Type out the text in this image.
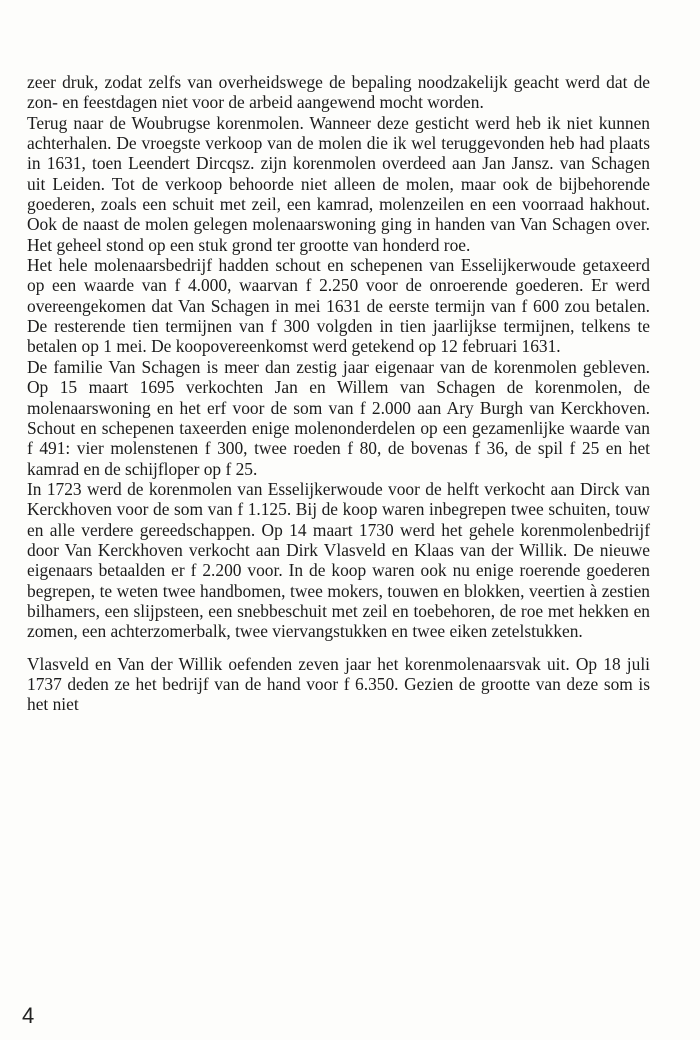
zeer druk, zodat zelfs van overheidswege de bepaling noodzakelijk geacht werd dat de zon- en feestdagen niet voor de arbeid aangewend mocht worden.

Terug naar de Woubrugse korenmolen. Wanneer deze gesticht werd heb ik niet kunnen achterhalen. De vroegste verkoop van de molen die ik wel teruggevonden heb had plaats in 1631, toen Leendert Dircqsz. zijn korenmolen overdeed aan Jan Jansz. van Schagen uit Leiden. Tot de verkoop behoorde niet alleen de molen, maar ook de bijbehorende goederen, zoals een schuit met zeil, een kamrad, molenzeilen en een voorraad hakhout. Ook de naast de molen gelegen molenaarswoning ging in handen van Van Schagen over. Het geheel stond op een stuk grond ter grootte van honderd roe.

Het hele molenaarsbedrijf hadden schout en schepenen van Esselijkerwoude getaxeerd op een waarde van f 4.000, waarvan f 2.250 voor de onroerende goederen. Er werd overeengekomen dat Van Schagen in mei 1631 de eerste termijn van f 600 zou betalen. De resterende tien termijnen van f 300 volgden in tien jaarlijkse termijnen, telkens te betalen op 1 mei. De koopovereenkomst werd getekend op 12 februari 1631.

De familie Van Schagen is meer dan zestig jaar eigenaar van de korenmolen gebleven. Op 15 maart 1695 verkochten Jan en Willem van Schagen de korenmolen, de molenaarswoning en het erf voor de som van f 2.000 aan Ary Burgh van Kerckhoven. Schout en schepenen taxeerden enige molenonderdelen op een gezamenlijke waarde van f 491: vier molenstenen f 300, twee roeden f 80, de bovenas f 36, de spil f 25 en het kamrad en de schijfloper op f 25.

In 1723 werd de korenmolen van Esselijkerwoude voor de helft verkocht aan Dirck van Kerckhoven voor de som van f 1.125. Bij de koop waren inbegrepen twee schuiten, touw en alle verdere gereedschappen. Op 14 maart 1730 werd het gehele korenmolenbedrijf door Van Kerckhoven verkocht aan Dirk Vlasveld en Klaas van der Willik. De nieuwe eigenaars betaalden er f 2.200 voor. In de koop waren ook nu enige roerende goederen begrepen, te weten twee handbomen, twee mokers, touwen en blokken, veertien à zestien bilhamers, een slijpsteen, een snebbeschuit met zeil en toebehoren, de roe met hekken en zomen, een achterzomerbalk, twee viervangstukken en twee eiken zetelstukken.

Vlasveld en Van der Willik oefenden zeven jaar het korenmolenaarsvak uit. Op 18 juli 1737 deden ze het bedrijf van de hand voor f 6.350. Gezien de grootte van deze som is het niet

4
